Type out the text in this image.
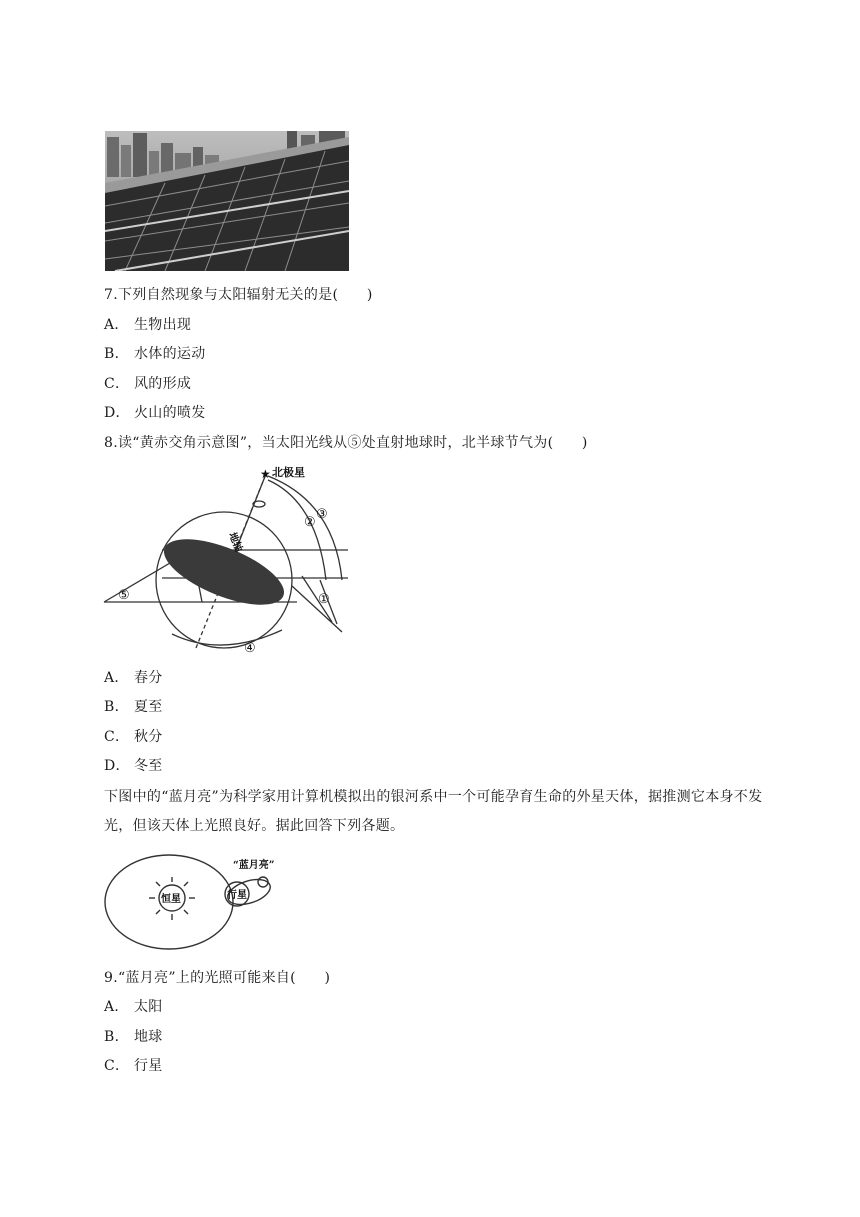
7.下列自然现象与太阳辐射无关的是(　　)
A． 生物出现
B． 水体的运动
C． 风的形成
D． 火山的喷发
8.读“黄赤交角示意图”，当太阳光线从⑤处直射地球时，北半球节气为(　　)
★ 北极星
地轴
②
③
①
④
⑤
A． 春分
B． 夏至
C． 秋分
D． 冬至
下图中的“蓝月亮”为科学家用计算机模拟出的银河系中一个可能孕育生命的外星天体，据推测它本身不发光，但该天体上光照良好。据此回答下列各题。
恒星	行星
“蓝月亮”
9.“蓝月亮”上的光照可能来自(　　)
A． 太阳
B． 地球
C． 行星
